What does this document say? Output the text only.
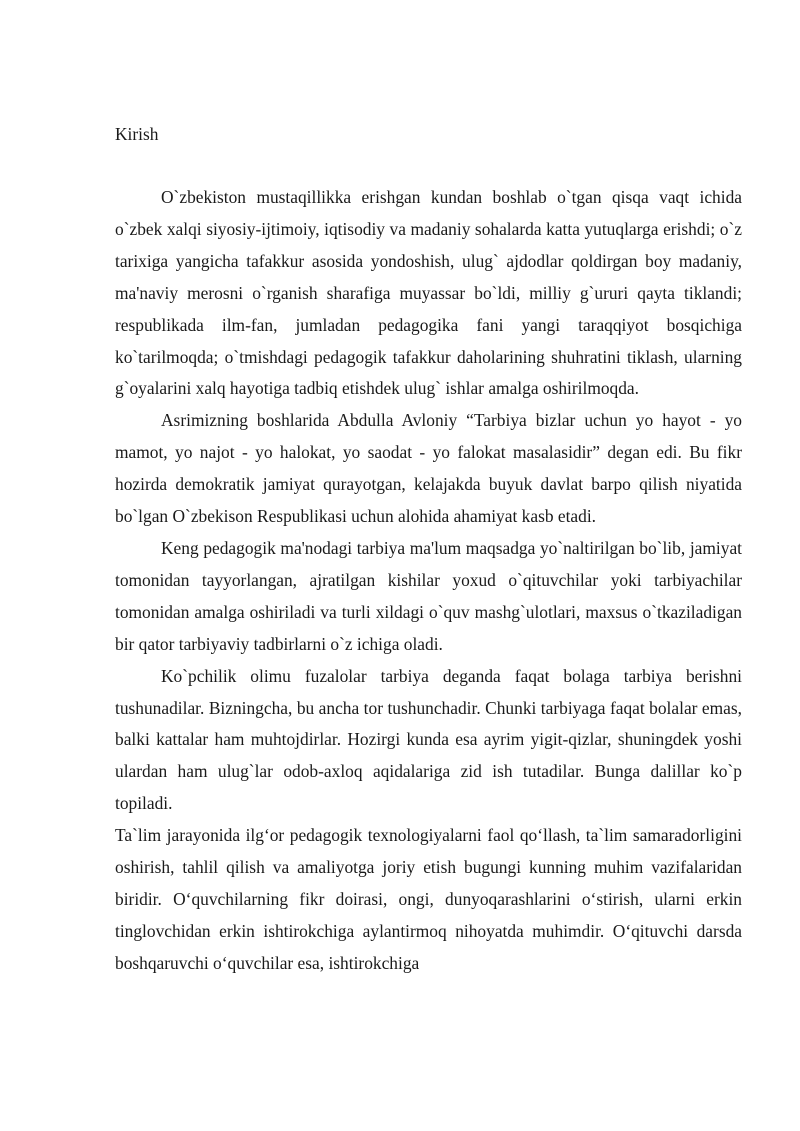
Kirish

O`zbekiston mustaqillikka erishgan kundan boshlab o`tgan qisqa vaqt ichida o`zbek xalqi siyosiy-ijtimoiy, iqtisodiy va madaniy sohalarda katta yutuqlarga erishdi; o`z tarixiga yangicha tafakkur asosida yondoshish, ulug` ajdodlar qoldirgan boy madaniy, ma'naviy merosni o`rganish sharafiga muyassar bo`ldi, milliy g`ururi qayta tiklandi; respublikada ilm-fan, jumladan pedagogika fani yangi taraqqiyot bosqichiga ko`tarilmoqda; o`tmishdagi pedagogik tafakkur daholarining shuhratini tiklash, ularning g`oyalarini xalq hayotiga tadbiq etishdek ulug` ishlar amalga oshirilmoqda.

Asrimizning boshlarida Abdulla Avloniy “Tarbiya bizlar uchun yo hayot - yo mamot, yo najot - yo halokat, yo saodat - yo falokat masalasidir” degan edi. Bu fikr hozirda demokratik jamiyat qurayotgan, kelajakda buyuk davlat barpo qilish niyatida bo`lgan O`zbekison Respublikasi uchun alohida ahamiyat kasb etadi.

Keng pedagogik ma'nodagi tarbiya ma'lum maqsadga yo`naltirilgan bo`lib, jamiyat tomonidan tayyorlangan, ajratilgan kishilar yoxud o`qituvchilar yoki tarbiyachilar tomonidan amalga oshiriladi va turli xildagi o`quv mashg`ulotlari, maxsus o`tkaziladigan bir qator tarbiyaviy tadbirlarni o`z ichiga oladi.

Ko`pchilik olimu fuzalolar tarbiya deganda faqat bolaga tarbiya berishni tushunadilar. Bizningcha, bu ancha tor tushunchadir. Chunki tarbiyaga faqat bolalar emas, balki kattalar ham muhtojdirlar. Hozirgi kunda esa ayrim yigit-qizlar, shuningdek yoshi ulardan ham ulug`lar odob-axloq aqidalariga zid ish tutadilar. Bunga dalillar ko`p topiladi.

Ta`lim jarayonida ilg‘or pedagogik texnologiyalarni faol qo‘llash, ta`lim samaradorligini oshirish, tahlil qilish va amaliyotga joriy etish bugungi kunning muhim vazifalaridan biridir. O‘quvchilarning fikr doirasi, ongi, dunyoqarashlarini o‘stirish, ularni erkin tinglovchidan erkin ishtirokchiga aylantirmoq nihoyatda muhimdir. O‘qituvchi darsda boshqaruvchi o‘quvchilar esa, ishtirokchiga
